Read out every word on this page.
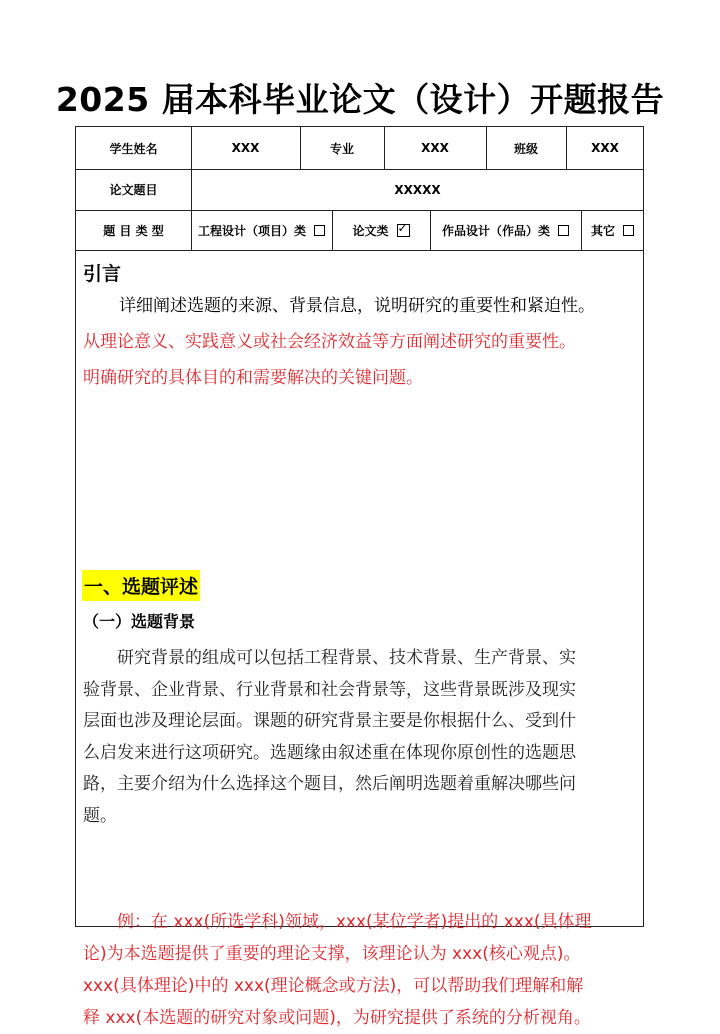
2025 届本科毕业论文（设计）开题报告
学生姓名	XXX	专业	XXX	班级	XXX
论文题目	XXXXX
题 目 类 型	工程设计（项目）类	论文类
✓	作品设计（作品）类	其它
引言
详细阐述选题的来源、背景信息，说明研究的重要性和紧迫性。
从理论意义、实践意义或社会经济效益等方面阐述研究的重要性。
明确研究的具体目的和需要解决的关键问题。
一、选题评述
（一）选题背景
研究背景的组成可以包括工程背景、技术背景、生产背景、实
验背景、企业背景、行业背景和社会背景等，这些背景既涉及现实
层面也涉及理论层面。课题的研究背景主要是你根据什么、受到什
么启发来进行这项研究。选题缘由叙述重在体现你原创性的选题思
路，主要介绍为什么选择这个题目，然后阐明选题着重解决哪些问
题。
例：在 xxx(所选学科)领域，xxx(某位学者)提出的 xxx(具体理
论)为本选题提供了重要的理论支撑，该理论认为 xxx(核心观点)。
xxx(具体理论)中的 xxx(理论概念或方法)，可以帮助我们理解和解
释 xxx(本选题的研究对象或问题)，为研究提供了系统的分析视角。
